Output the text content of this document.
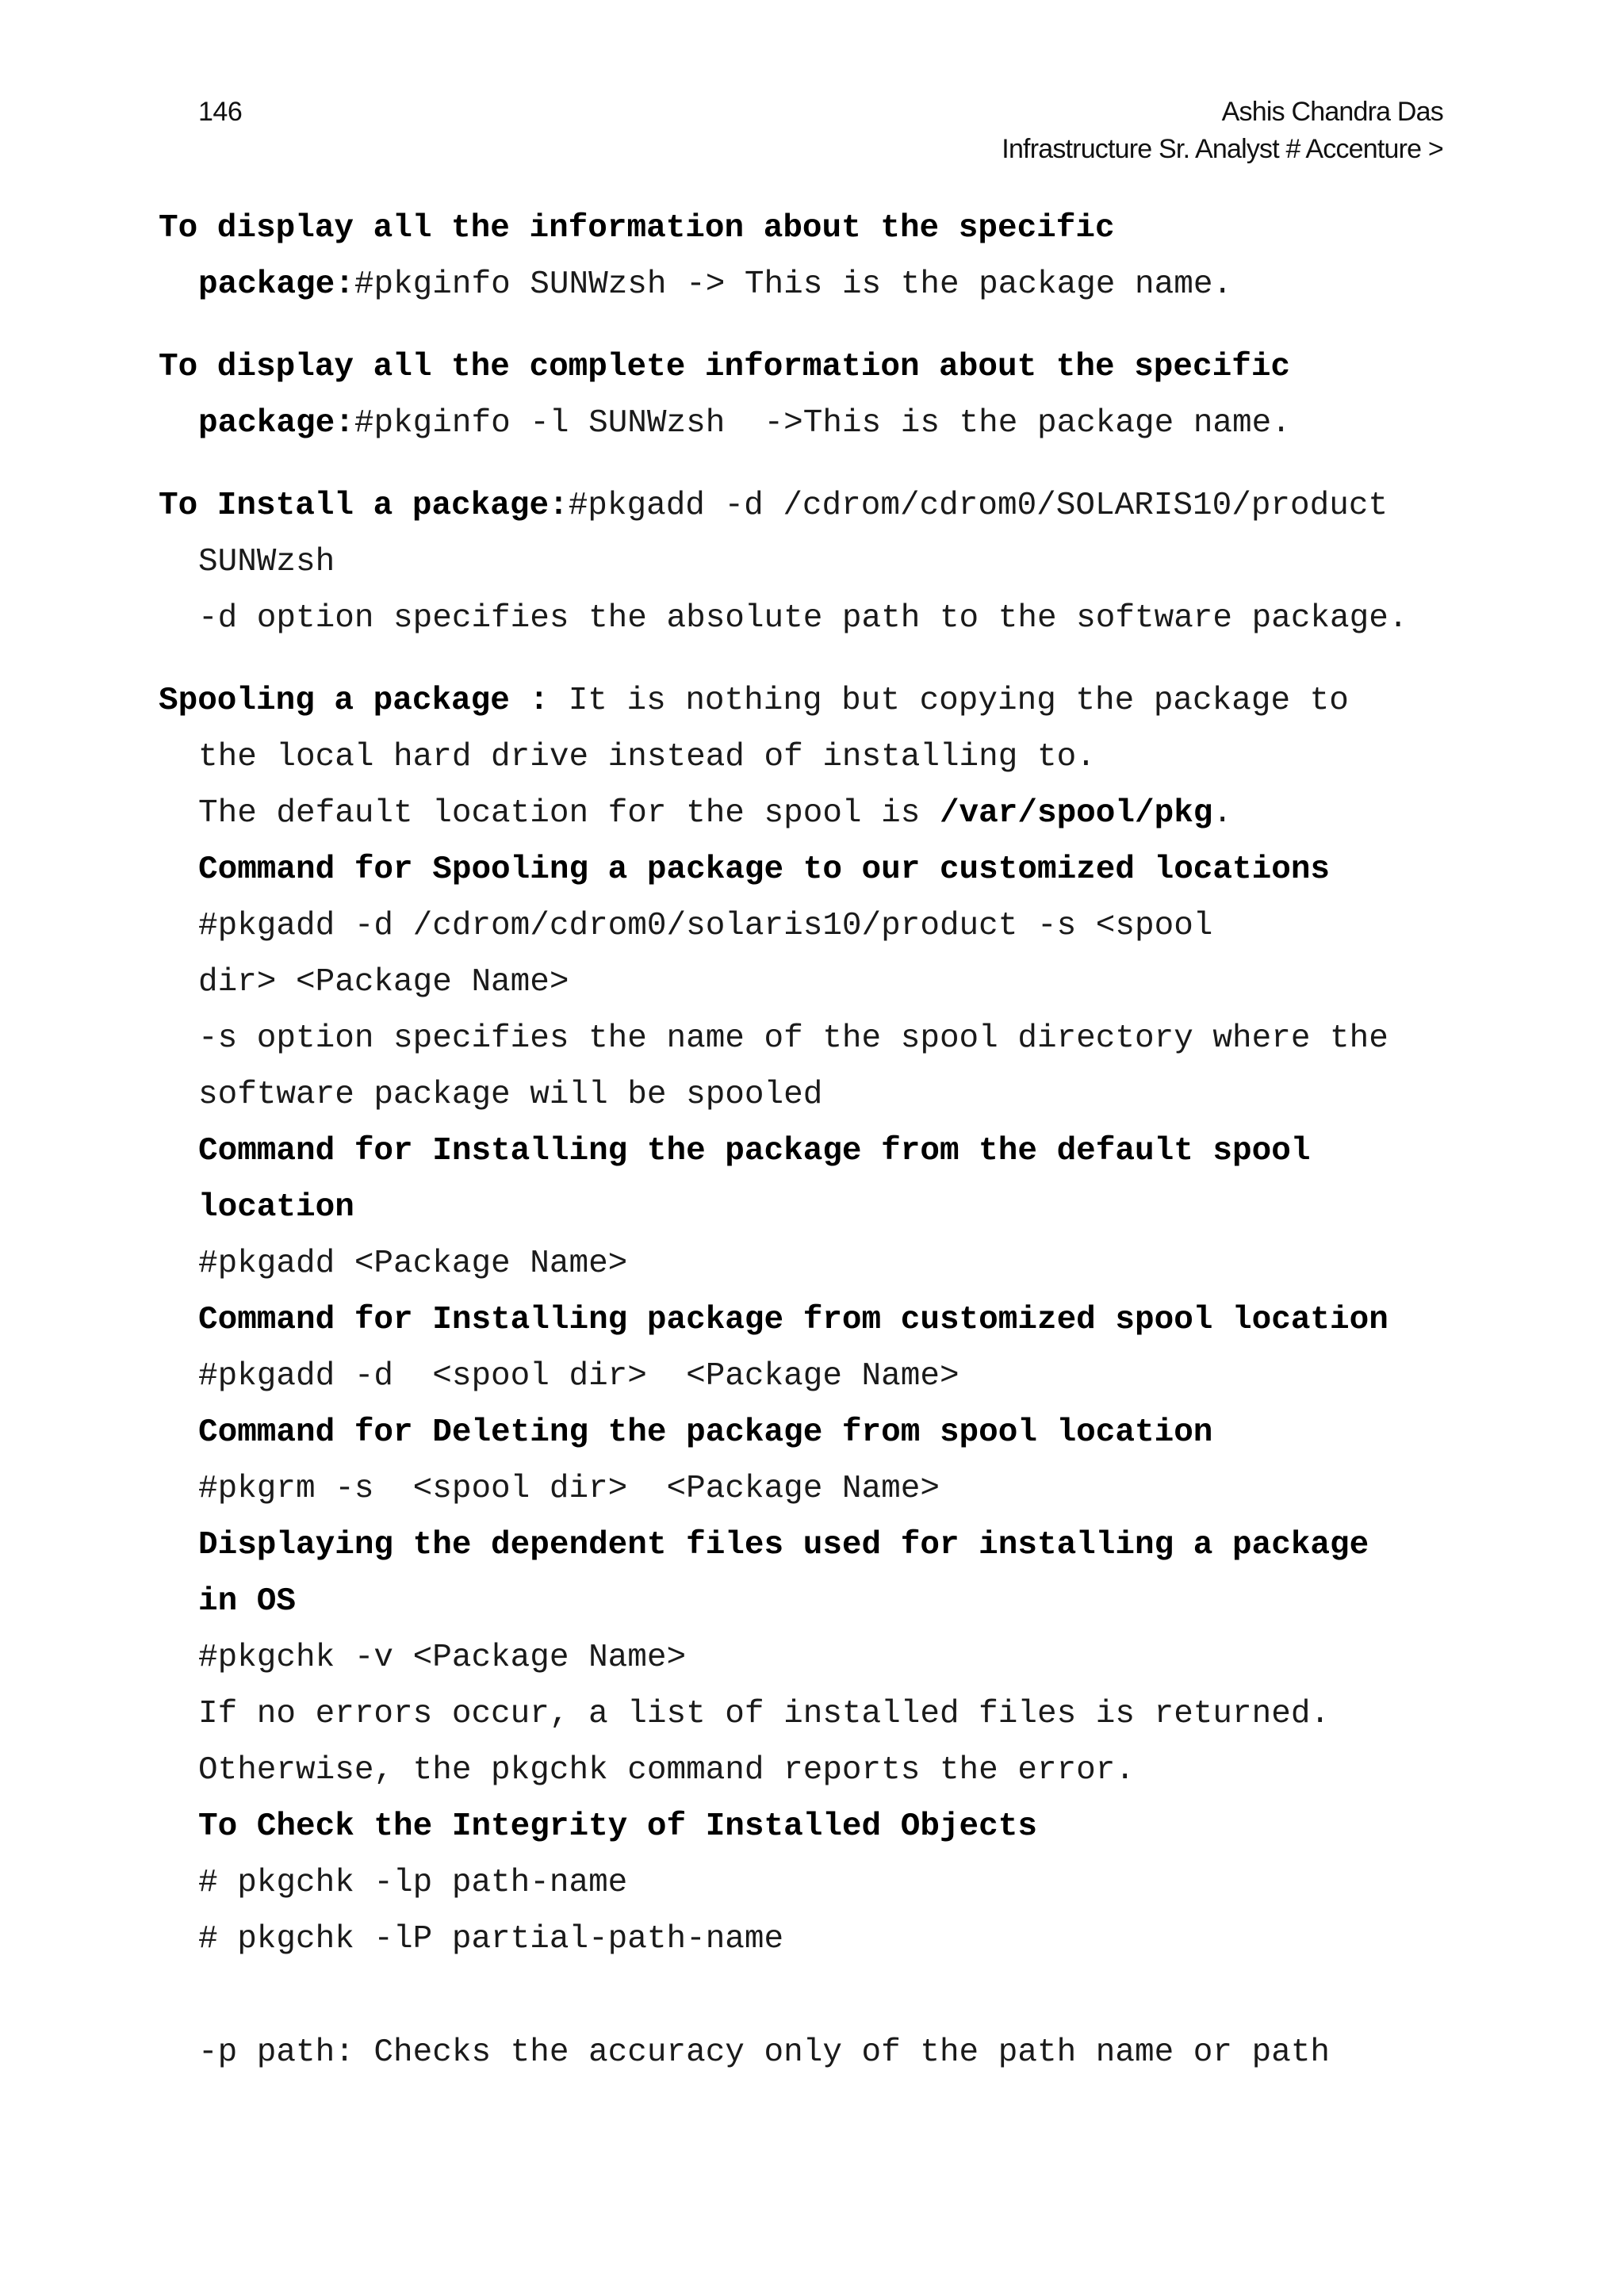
146	Ashis Chandra Das
Infrastructure Sr. Analyst # Accenture >
To display all the information about the specific
package:#pkginfo SUNWzsh -> This is the package name.
To display all the complete information about the specific
package:#pkginfo -l SUNWzsh  ->This is the package name.
To Install a package:#pkgadd -d /cdrom/cdrom0/SOLARIS10/product
SUNWzsh
-d option specifies the absolute path to the software package.
Spooling a package : It is nothing but copying the package to
the local hard drive instead of installing to.
The default location for the spool is /var/spool/pkg.
Command for Spooling a package to our customized locations
#pkgadd -d /cdrom/cdrom0/solaris10/product -s <spool
dir> <Package Name>
-s option specifies the name of the spool directory where the
software package will be spooled
Command for Installing the package from the default spool
location
#pkgadd <Package Name>
Command for Installing package from customized spool location
#pkgadd -d  <spool dir>  <Package Name>
Command for Deleting the package from spool location
#pkgrm -s  <spool dir>  <Package Name>
Displaying the dependent files used for installing a package
in OS
#pkgchk -v <Package Name>
If no errors occur, a list of installed files is returned.
Otherwise, the pkgchk command reports the error.
To Check the Integrity of Installed Objects
# pkgchk -lp path-name
# pkgchk -lP partial-path-name
-p path: Checks the accuracy only of the path name or path
